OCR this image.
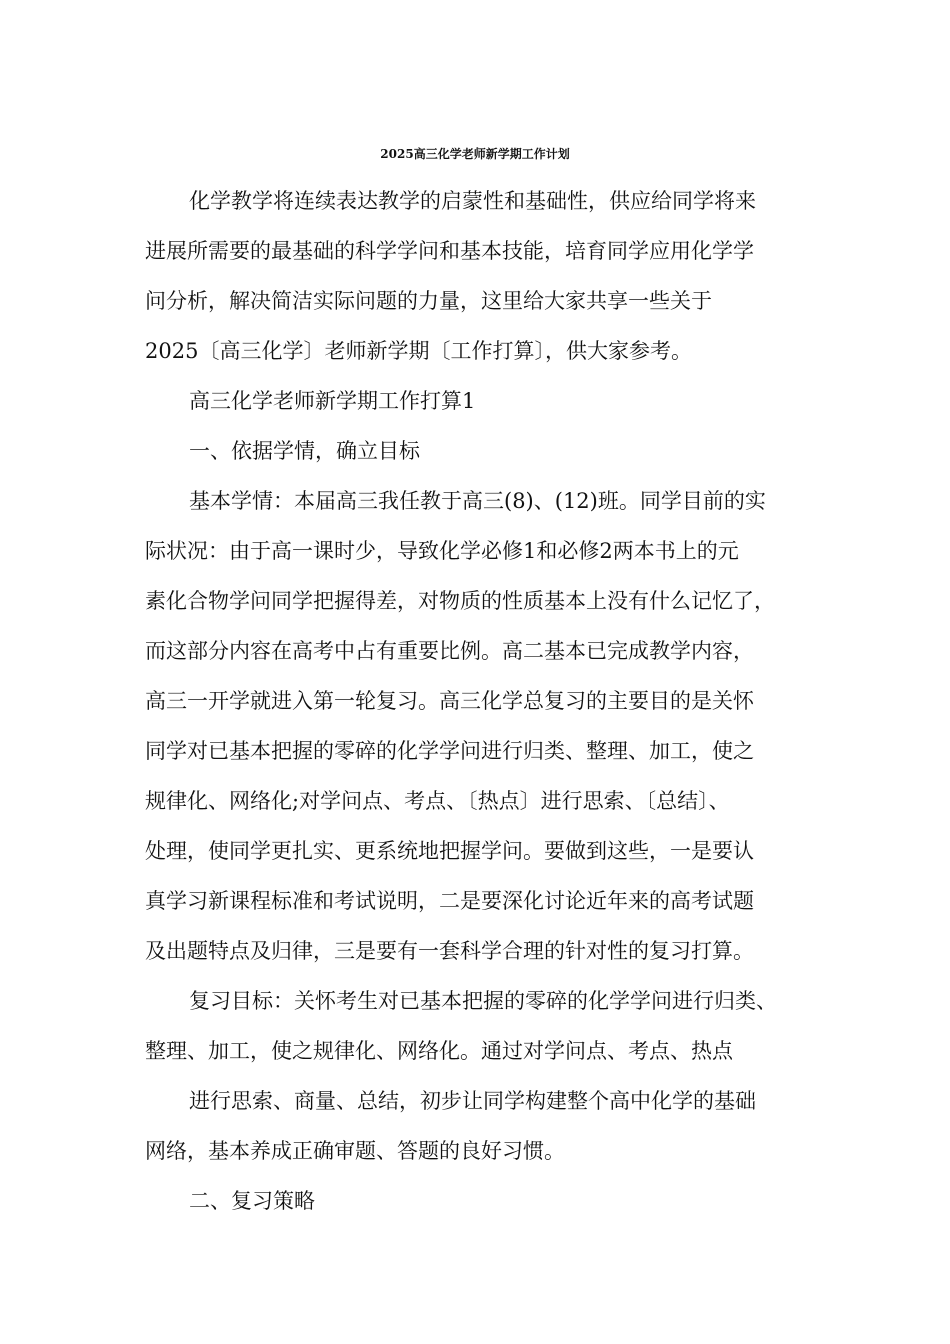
2025高三化学老师新学期工作计划
化学教学将连续表达教学的启蒙性和基础性，供应给同学将来
进展所需要的最基础的科学学问和基本技能，培育同学应用化学学
问分析，解决简洁实际问题的力量，这里给大家共享一些关于
2025〔高三化学〕老师新学期〔工作打算〕，供大家参考。
高三化学老师新学期工作打算1
一、依据学情，确立目标
基本学情：本届高三我任教于高三(8)、(12)班。同学目前的实
际状况：由于高一课时少，导致化学必修1和必修2两本书上的元
素化合物学问同学把握得差，对物质的性质基本上没有什么记忆了，
而这部分内容在高考中占有重要比例。高二基本已完成教学内容，
高三一开学就进入第一轮复习。高三化学总复习的主要目的是关怀
同学对已基本把握的零碎的化学学问进行归类、整理、加工，使之
规律化、网络化;对学问点、考点、〔热点〕进行思索、〔总结〕、
处理，使同学更扎实、更系统地把握学问。要做到这些，一是要认
真学习新课程标准和考试说明，二是要深化讨论近年来的高考试题
及出题特点及归律，三是要有一套科学合理的针对性的复习打算。
复习目标：关怀考生对已基本把握的零碎的化学学问进行归类、
整理、加工，使之规律化、网络化。通过对学问点、考点、热点
进行思索、商量、总结，初步让同学构建整个高中化学的基础
网络，基本养成正确审题、答题的良好习惯。
二、复习策略
